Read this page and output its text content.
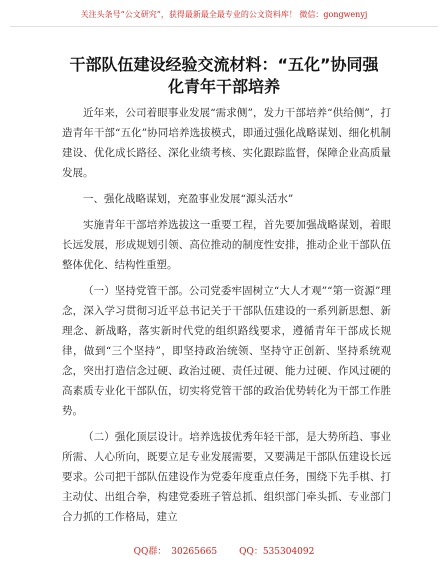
关注头条号“公文研究”，获得最新最全最专业的公文资料库！ 微信：gongwenyj
干部队伍建设经验交流材料：“五化”协同强
化青年干部培养

近年来，公司着眼事业发展“需求侧”，发力干部培养“供给侧”，打造青年干部“五化”协同培养选拔模式，即通过强化战略谋划、细化机制建设、优化成长路径、深化业绩考核、实化跟踪监督，保障企业高质量发展。

一、强化战略谋划，充盈事业发展“源头活水”

实施青年干部培养选拔这一重要工程，首先要加强战略谋划，着眼长远发展，形成规划引领、高位推动的制度性安排，推动企业干部队伍整体优化、结构性重塑。

（一）坚持党管干部。公司党委牢固树立“大人才观”“第一资源”理念，深入学习贯彻习近平总书记关于干部队伍建设的一系列新思想、新理念、新战略，落实新时代党的组织路线要求，遵循青年干部成长规律，做到“三个坚持”，即坚持政治统领、坚持守正创新、坚持系统观念，突出打造信念过硬、政治过硬、责任过硬、能力过硬、作风过硬的高素质专业化干部队伍，切实将党管干部的政治优势转化为干部工作胜势。

（二）强化顶层设计。培养选拔优秀年轻干部，是大势所趋、事业所需、人心所向，既要立足专业发展需要，又要满足干部队伍建设长远要求。公司把干部队伍建设作为党委年度重点任务，围绕下先手棋、打主动仗、出组合拳，构建党委班子管总抓、组织部门牵头抓、专业部门合力抓的工作格局，建立

QQ群： 30265665 QQ：535304092
